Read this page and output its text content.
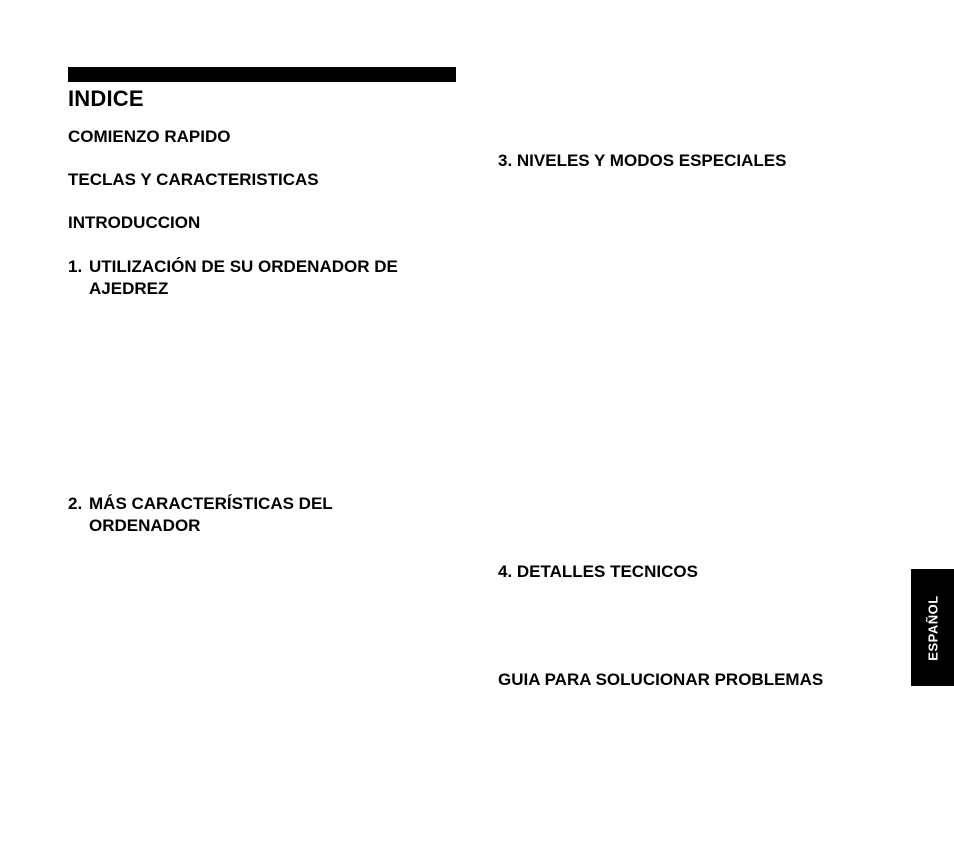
INDICE
COMIENZO RAPIDO
TECLAS Y CARACTERISTICAS
INTRODUCCION
1. UTILIZACIÓN DE SU ORDENADOR DE
AJEDREZ
2. MÁS CARACTERÍSTICAS DEL
ORDENADOR
3. NIVELES Y MODOS ESPECIALES
4. DETALLES TECNICOS
GUIA PARA SOLUCIONAR PROBLEMAS
ESPAÑOL
